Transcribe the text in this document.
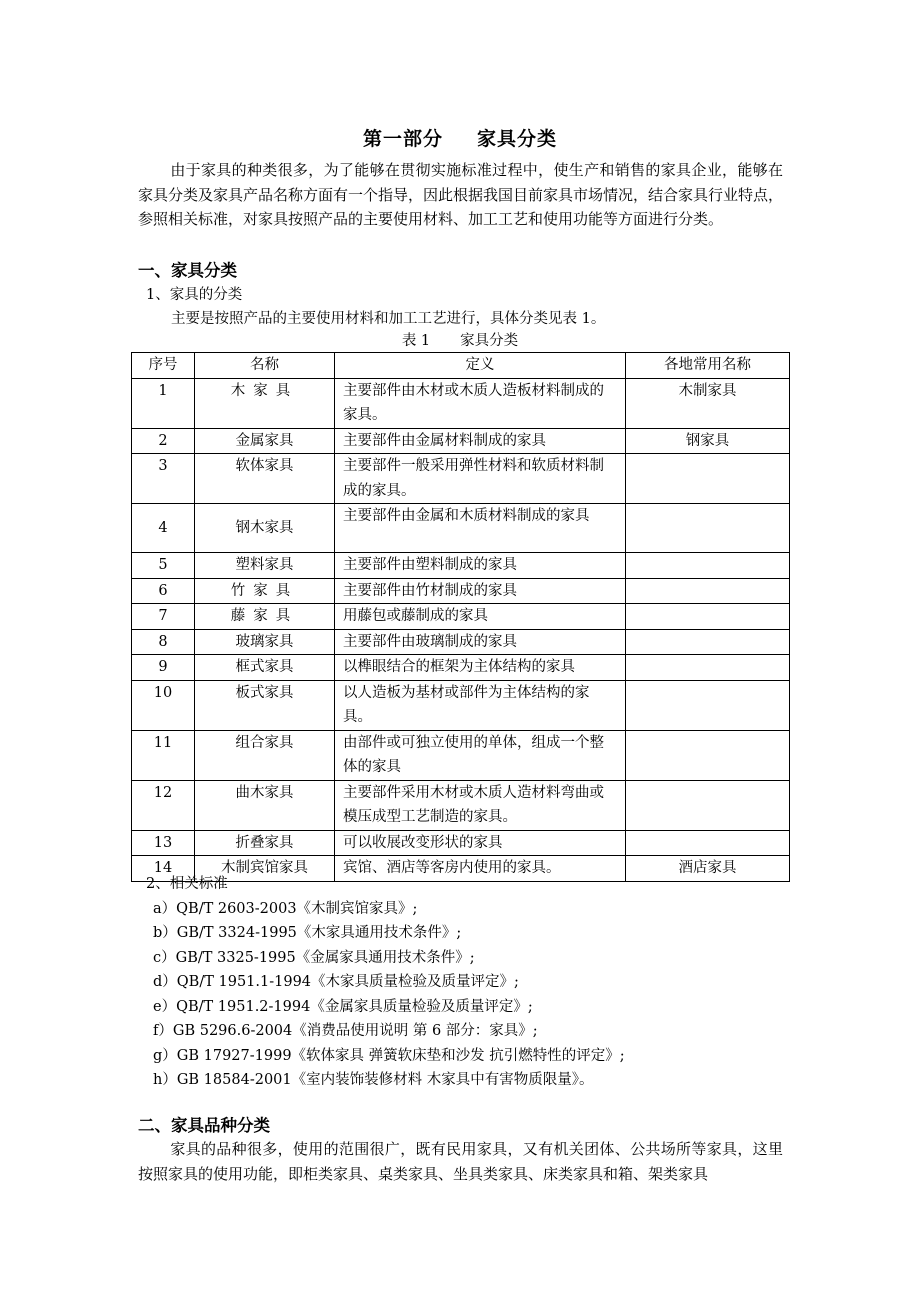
第一部分 家具分类
由于家具的种类很多，为了能够在贯彻实施标准过程中，使生产和销售的家具企业，能够在家具分类及家具产品名称方面有一个指导，因此根据我国目前家具市场情况，结合家具行业特点，参照相关标准，对家具按照产品的主要使用材料、加工工艺和使用功能等方面进行分类。
一、家具分类
1、家具的分类
主要是按照产品的主要使用材料和加工工艺进行，具体分类见表 1。
表 1 家具分类
序号	名称	定义	各地常用名称
1	木家具	主要部件由木材或木质人造板材料制成的家具。	木制家具
2	金属家具	主要部件由金属材料制成的家具	钢家具
3	软体家具	主要部件一般采用弹性材料和软质材料制成的家具。	
4	钢木家具	主要部件由金属和木质材料制成的家具	
5	塑料家具	主要部件由塑料制成的家具	
6	竹家具	主要部件由竹材制成的家具	
7	藤家具	用藤包或藤制成的家具	
8	玻璃家具	主要部件由玻璃制成的家具	
9	框式家具	以榫眼结合的框架为主体结构的家具	
10	板式家具	以人造板为基材或部件为主体结构的家具。	
11	组合家具	由部件或可独立使用的单体，组成一个整体的家具	
12	曲木家具	主要部件采用木材或木质人造材料弯曲或模压成型工艺制造的家具。	
13	折叠家具	可以收展改变形状的家具	
14	木制宾馆家具	宾馆、酒店等客房内使用的家具。	酒店家具
2、相关标准
a）QB/T 2603-2003《木制宾馆家具》;
b）GB/T 3324-1995《木家具通用技术条件》;
c）GB/T 3325-1995《金属家具通用技术条件》;
d）QB/T 1951.1-1994《木家具质量检验及质量评定》;
e）QB/T 1951.2-1994《金属家具质量检验及质量评定》;
f）GB 5296.6-2004《消费品使用说明 第 6 部分：家具》;
g）GB 17927-1999《软体家具 弹簧软床垫和沙发 抗引燃特性的评定》;
h）GB 18584-2001《室内装饰装修材料 木家具中有害物质限量》。
二、家具品种分类
家具的品种很多，使用的范围很广，既有民用家具，又有机关团体、公共场所等家具，这里按照家具的使用功能，即柜类家具、桌类家具、坐具类家具、床类家具和箱、架类家具
